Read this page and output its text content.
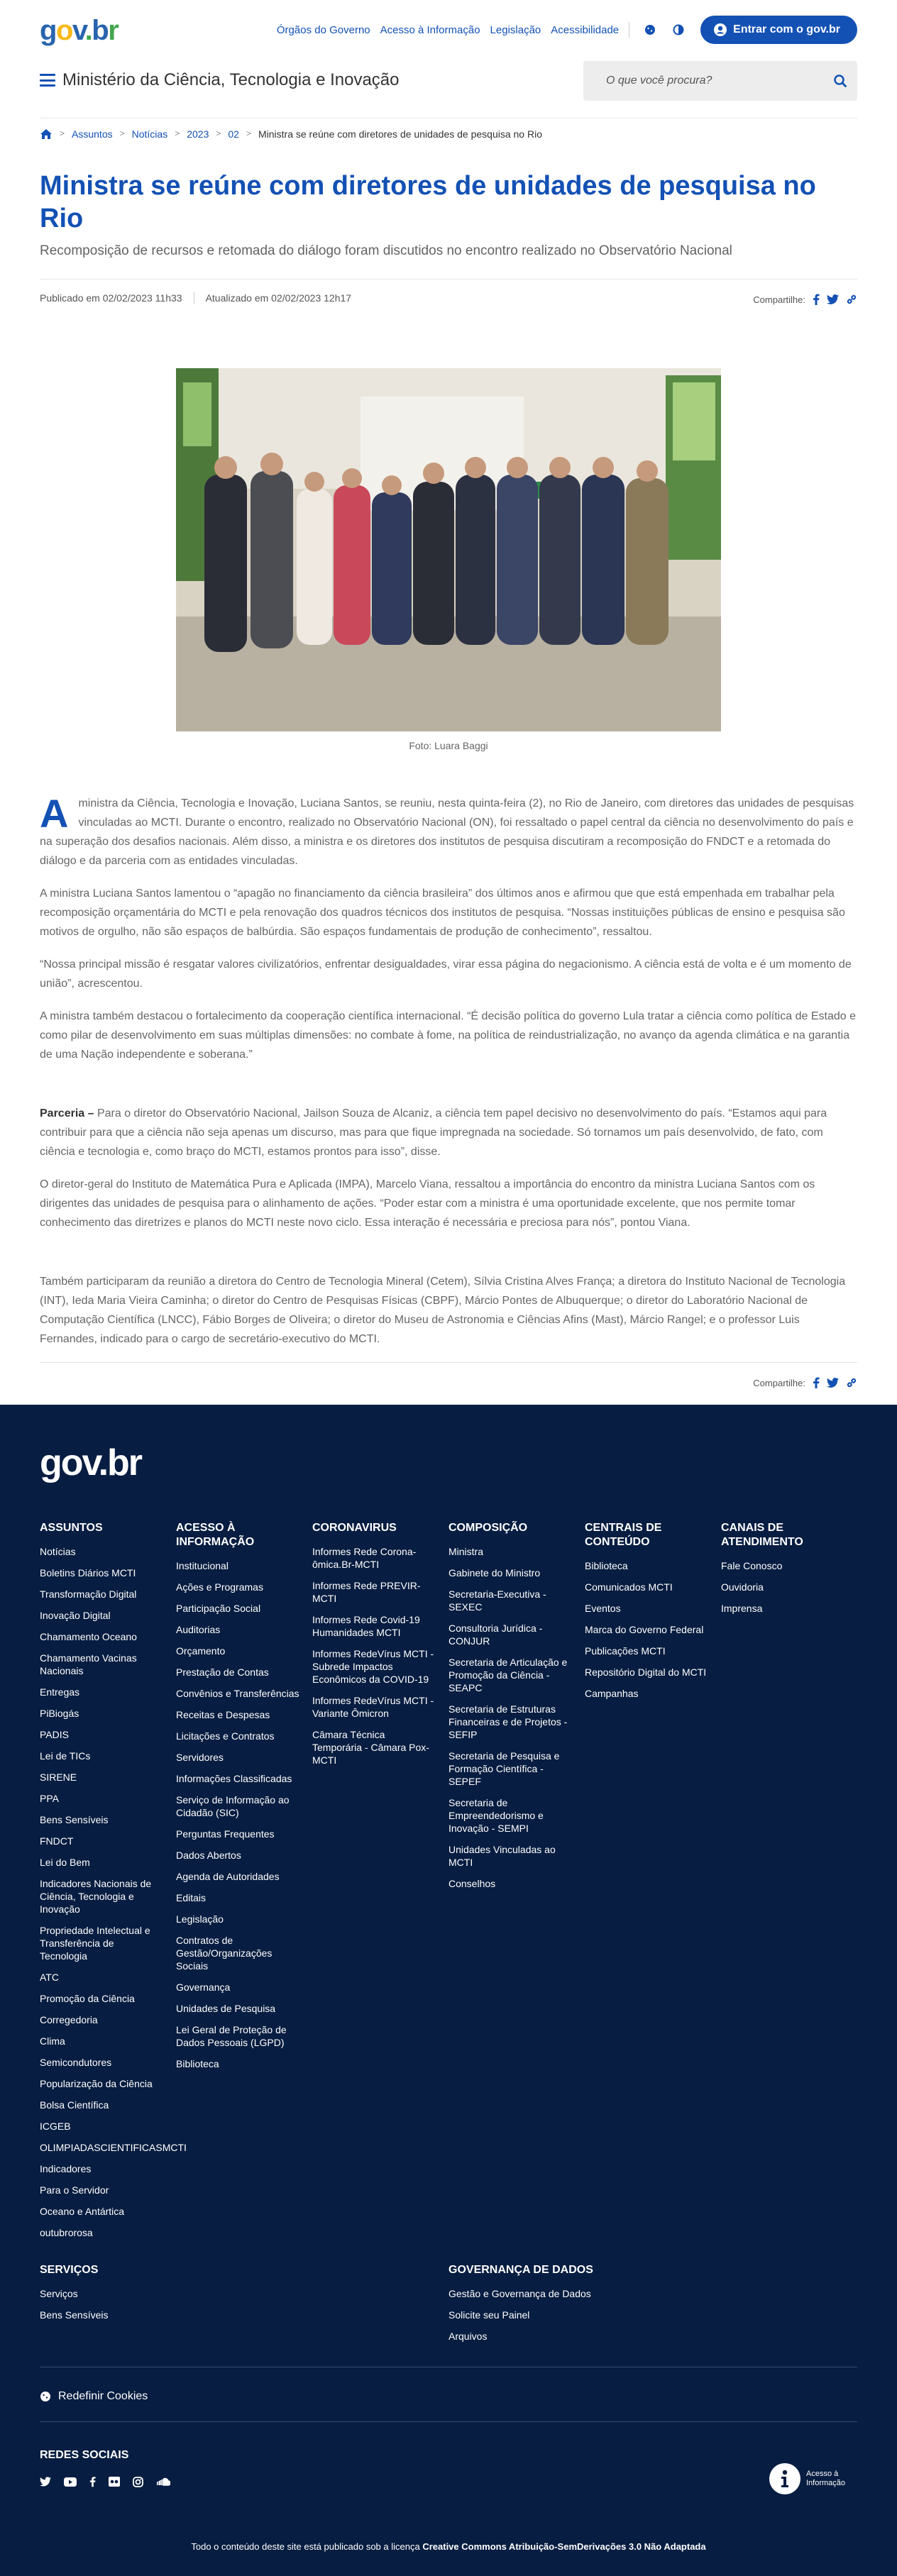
gov.br	Órgãos do Governo Acesso à Informação Legislação Acessibilidade	Entrar com o
gov.br
Ministério da Ciência, Tecnologia e Inovação	O que você procura?
> Assuntos > Notícias > 2023 > 02 > Ministra se reúne com diretores de unidades de pesquisa no Rio
Ministra se reúne com diretores de unidades de pesquisa no Rio

Recomposição de recursos e retomada do diálogo foram discutidos no encontro realizado no Observatório Nacional

Publicado em 02/02/2023 11h33	Atualizado em 02/02/2023 12h17	Compartilhe:
Foto: Luara Baggi

Aministra da Ciência, Tecnologia e Inovação, Luciana Santos, se reuniu, nesta quinta-feira (2), no Rio de Janeiro, com diretores das unidades de pesquisas vinculadas ao MCTI. Durante o encontro, realizado no Observatório Nacional (ON), foi ressaltado o papel central da ciência no desenvolvimento do país e na superação dos desafios nacionais. Além disso, a ministra e os diretores dos institutos de pesquisa discutiram a recomposição do FNDCT e a retomada do diálogo e da parceria com as entidades vinculadas.

A ministra Luciana Santos lamentou o “apagão no financiamento da ciência brasileira” dos últimos anos e afirmou que que está empenhada em trabalhar pela recomposição orçamentária do MCTI e pela renovação dos quadros técnicos dos institutos de pesquisa. “Nossas instituições públicas de ensino e pesquisa são motivos de orgulho, não são espaços de balbúrdia. São espaços fundamentais de produção de conhecimento”, ressaltou.

“Nossa principal missão é resgatar valores civilizatórios, enfrentar desigualdades, virar essa página do negacionismo. A ciência está de volta e é um momento de união”, acrescentou.

A ministra também destacou o fortalecimento da cooperação científica internacional. “É decisão política do governo Lula tratar a ciência como política de Estado e como pilar de desenvolvimento em suas múltiplas dimensões: no combate à fome, na política de reindustrialização, no avanço da agenda climática e na garantia de uma Nação independente e soberana.”

Parceria – Para o diretor do Observatório Nacional, Jailson Souza de Alcaniz, a ciência tem papel decisivo no desenvolvimento do país. “Estamos aqui para contribuir para que a ciência não seja apenas um discurso, mas para que fique impregnada na sociedade. Só tornamos um país desenvolvido, de fato, com ciência e tecnologia e, como braço do MCTI, estamos prontos para isso”, disse.

O diretor-geral do Instituto de Matemática Pura e Aplicada (IMPA), Marcelo Viana, ressaltou a importância do encontro da ministra Luciana Santos com os dirigentes das unidades de pesquisa para o alinhamento de ações. “Poder estar com a ministra é uma oportunidade excelente, que nos permite tomar conhecimento das diretrizes e planos do MCTI neste novo ciclo. Essa interação é necessária e preciosa para nós”, pontou Viana.

Também participaram da reunião a diretora do Centro de Tecnologia Mineral (Cetem), Sílvia Cristina Alves França; a diretora do Instituto Nacional de Tecnologia (INT), Ieda Maria Vieira Caminha; o diretor do Centro de Pesquisas Físicas (CBPF), Márcio Pontes de Albuquerque; o diretor do Laboratório Nacional de Computação Científica (LNCC), Fábio Borges de Oliveira; o diretor do Museu de Astronomia e Ciências Afins (Mast), Márcio Rangel; e o professor Luis Fernandes, indicado para o cargo de secretário-executivo do MCTI.

Compartilhe:
gov.br
ASSUNTOS
Notícias
Boletins Diários MCTI
Transformação Digital
Inovação Digital
Chamamento Oceano
Chamamento Vacinas Nacionais
Entregas
PiBiogás
PADIS
Lei de TICs
SIRENE
PPA
Bens Sensíveis
FNDCT
Lei do Bem
Indicadores Nacionais de Ciência, Tecnologia e Inovação
Propriedade Intelectual e Transferência de Tecnologia
ATC
Promoção da Ciência
Corregedoria
Clima
Semicondutores
Popularização da Ciência
Bolsa Científica
ICGEB
OLIMPIADASCIENTIFICASMCTI
Indicadores
Para o Servidor
Oceano e Antártica
outubrorosa
ACESSO À INFORMAÇÃO
Institucional
Ações e Programas
Participação Social
Auditorias
Orçamento
Prestação de Contas
Convênios e Transferências
Receitas e Despesas
Licitações e Contratos
Servidores
Informações Classificadas
Serviço de Informação ao Cidadão (SIC)
Perguntas Frequentes
Dados Abertos
Agenda de Autoridades
Editais
Legislação
Contratos de Gestão/Organizações Sociais
Governança
Unidades de Pesquisa
Lei Geral de Proteção de Dados Pessoais (LGPD)
Biblioteca
CORONAVIRUS
Informes Rede Corona-ômica.Br-MCTI
Informes Rede PREVIR-MCTI
Informes Rede Covid-19 Humanidades MCTI
Informes RedeVírus MCTI - Subrede Impactos Econômicos da COVID-19
Informes RedeVírus MCTI - Variante Ômicron
Câmara Técnica Temporária - Câmara Pox-MCTI
COMPOSIÇÃO
Ministra
Gabinete do Ministro
Secretaria-Executiva - SEXEC
Consultoria Jurídica - CONJUR
Secretaria de Articulação e Promoção da Ciência - SEAPC
Secretaria de Estruturas Financeiras e de Projetos - SEFIP
Secretaria de Pesquisa e Formação Científica - SEPEF
Secretaria de Empreendedorismo e Inovação - SEMPI
Unidades Vinculadas ao MCTI
Conselhos
CENTRAIS DE CONTEÚDO
Biblioteca
Comunicados MCTI
Eventos
Marca do Governo Federal
Publicações MCTI
Repositório Digital do MCTI
Campanhas
CANAIS DE ATENDIMENTO
Fale Conosco
Ouvidoria
Imprensa
SERVIÇOS
Serviços
Bens Sensíveis
GOVERNANÇA DE DADOS
Gestão e Governança de Dados
Solicite seu Painel
Arquivos
Redefinir Cookies
REDES SOCIAIS
Acesso à Informação
Todo o conteúdo deste site está publicado sob a licença Creative Commons Atribuição-SemDerivações 3.0 Não Adaptada
